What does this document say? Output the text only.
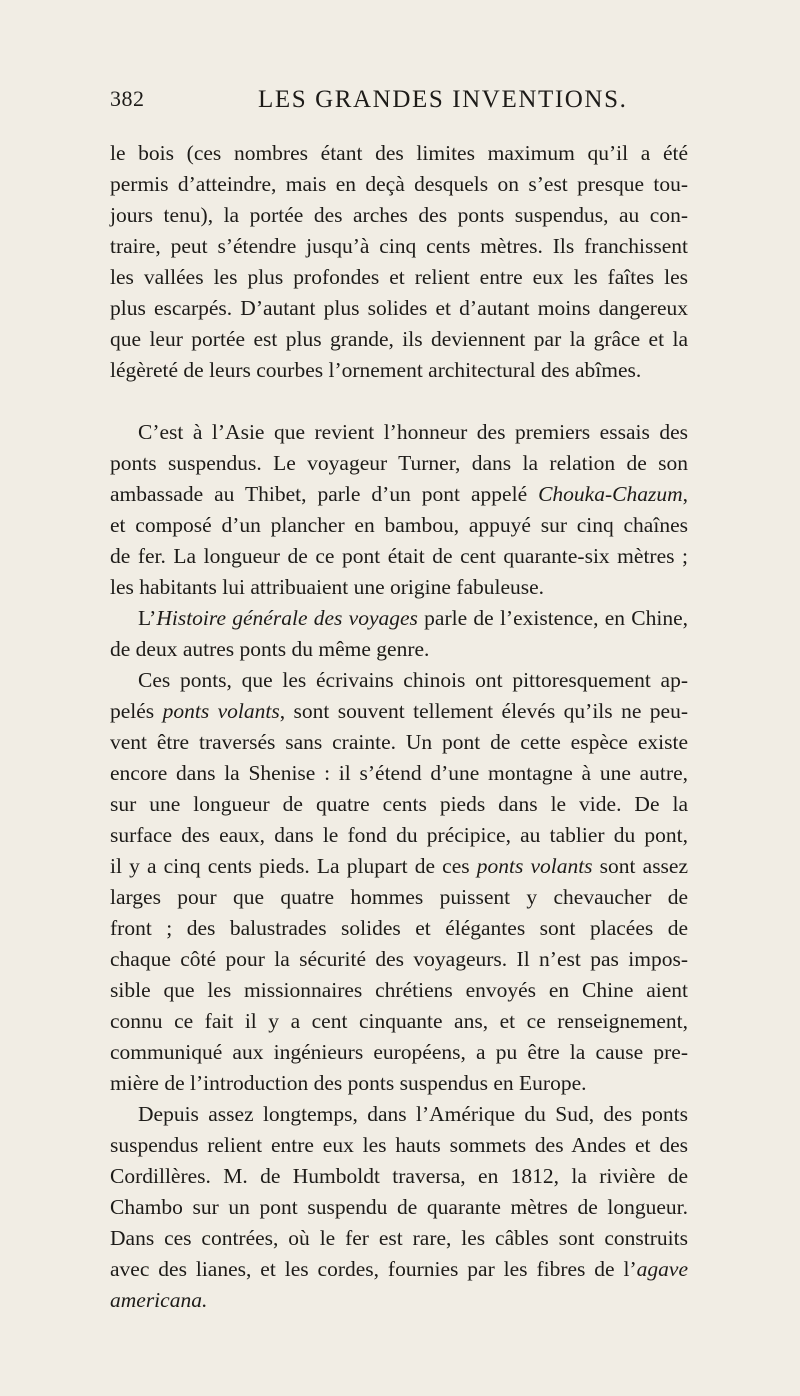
382	LES GRANDES INVENTIONS.
le bois (ces nombres étant des limites maximum qu’il a été
permis d’atteindre, mais en deçà desquels on s’est presque tou-
jours tenu), la portée des arches des ponts suspendus, au con-
traire, peut s’étendre jusqu’à cinq cents mètres. Ils franchissent
les vallées les plus profondes et relient entre eux les faîtes les
plus escarpés. D’autant plus solides et d’autant moins dangereux
que leur portée est plus grande, ils deviennent par la grâce et la
légèreté de leurs courbes l’ornement architectural des abîmes.
C’est à l’Asie que revient l’honneur des premiers essais des
ponts suspendus. Le voyageur Turner, dans la relation de son
ambassade au Thibet, parle d’un pont appelé Chouka-Chazum,
et composé d’un plancher en bambou, appuyé sur cinq chaînes
de fer. La longueur de ce pont était de cent quarante-six mètres ;
les habitants lui attribuaient une origine fabuleuse.
L’Histoire générale des voyages parle de l’existence, en Chine,
de deux autres ponts du même genre.
Ces ponts, que les écrivains chinois ont pittoresquement ap-
pelés ponts volants, sont souvent tellement élevés qu’ils ne peu-
vent être traversés sans crainte. Un pont de cette espèce existe
encore dans la Shenise : il s’étend d’une montagne à une autre,
sur une longueur de quatre cents pieds dans le vide. De la
surface des eaux, dans le fond du précipice, au tablier du pont,
il y a cinq cents pieds. La plupart de ces ponts volants sont assez
larges pour que quatre hommes puissent y chevaucher de
front ; des balustrades solides et élégantes sont placées de
chaque côté pour la sécurité des voyageurs. Il n’est pas impos-
sible que les missionnaires chrétiens envoyés en Chine aient
connu ce fait il y a cent cinquante ans, et ce renseignement,
communiqué aux ingénieurs européens, a pu être la cause pre-
mière de l’introduction des ponts suspendus en Europe.
Depuis assez longtemps, dans l’Amérique du Sud, des ponts
suspendus relient entre eux les hauts sommets des Andes et des
Cordillères. M. de Humboldt traversa, en 1812, la rivière de
Chambo sur un pont suspendu de quarante mètres de longueur.
Dans ces contrées, où le fer est rare, les câbles sont construits
avec des lianes, et les cordes, fournies par les fibres de l’agave
americana.
